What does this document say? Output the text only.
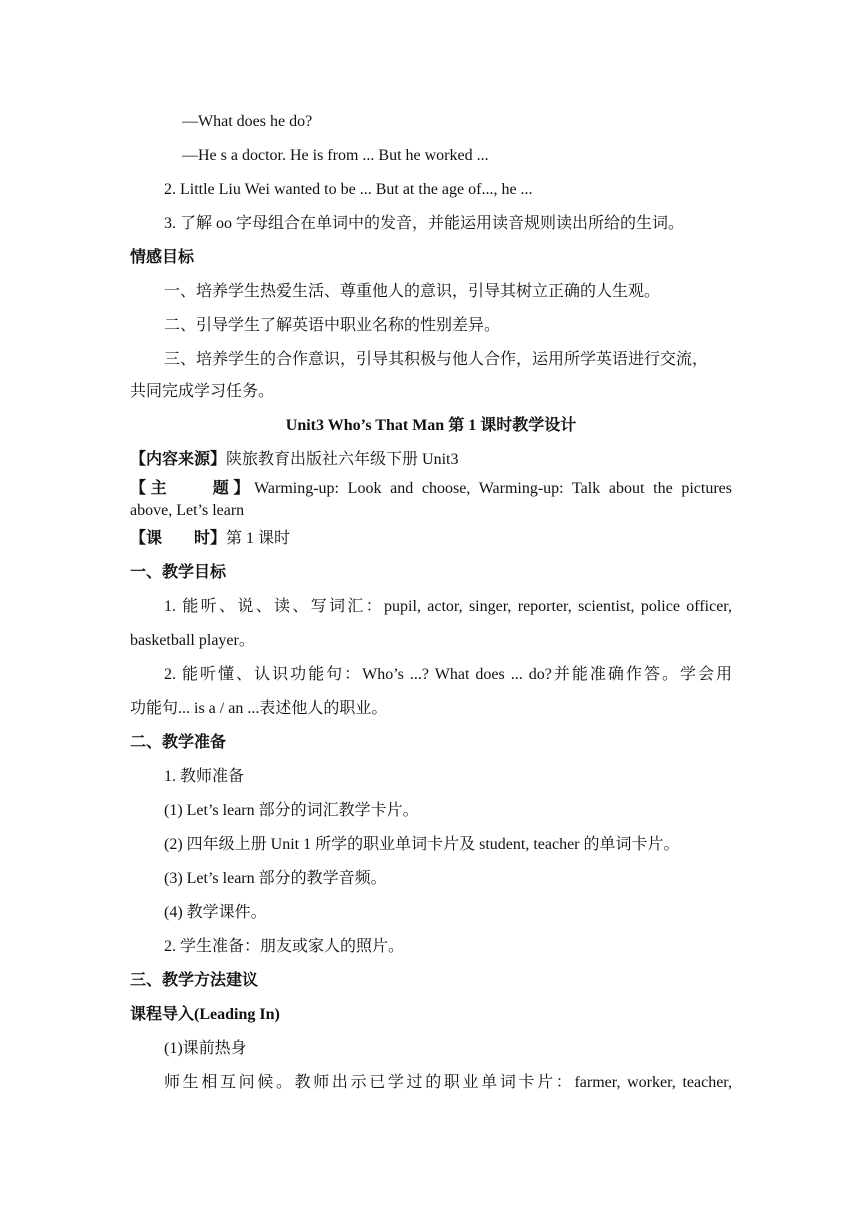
—What does he do?
—He s a doctor. He is from ... But he worked ...
2. Little Liu Wei wanted to be ... But at the age of..., he ...
3. 了解 oo 字母组合在单词中的发音，并能运用读音规则读出所给的生词。
情感目标
一、培养学生热爱生活、尊重他人的意识，引导其树立正确的人生观。
二、引导学生了解英语中职业名称的性别差异。
三、培养学生的合作意识，引导其积极与他人合作，运用所学英语进行交流，
共同完成学习任务。
Unit3 Who’s That Man 第 1 课时教学设计
【内容来源】陕旅教育出版社六年级下册 Unit3
【主　　题】Warming-up: Look and choose, Warming-up: Talk about the pictures
above, Let’s learn
【课　　时】第 1 课时
一、教学目标
1. 能听、说、读、写词汇：pupil, actor, singer, reporter, scientist, police officer,
basketball player。
2. 能听懂、认识功能句：Who’s ...? What does ... do?并能准确作答。学会用
功能句... is a / an ...表述他人的职业。
二、教学准备
1. 教师准备
(1) Let’s learn 部分的词汇教学卡片。
(2) 四年级上册 Unit 1 所学的职业单词卡片及 student, teacher 的单词卡片。
(3) Let’s learn 部分的教学音频。
(4) 教学课件。
2. 学生准备：朋友或家人的照片。
三、教学方法建议
课程导入(Leading In)
(1)课前热身
师生相互问候。教师出示已学过的职业单词卡片：farmer, worker, teacher,
